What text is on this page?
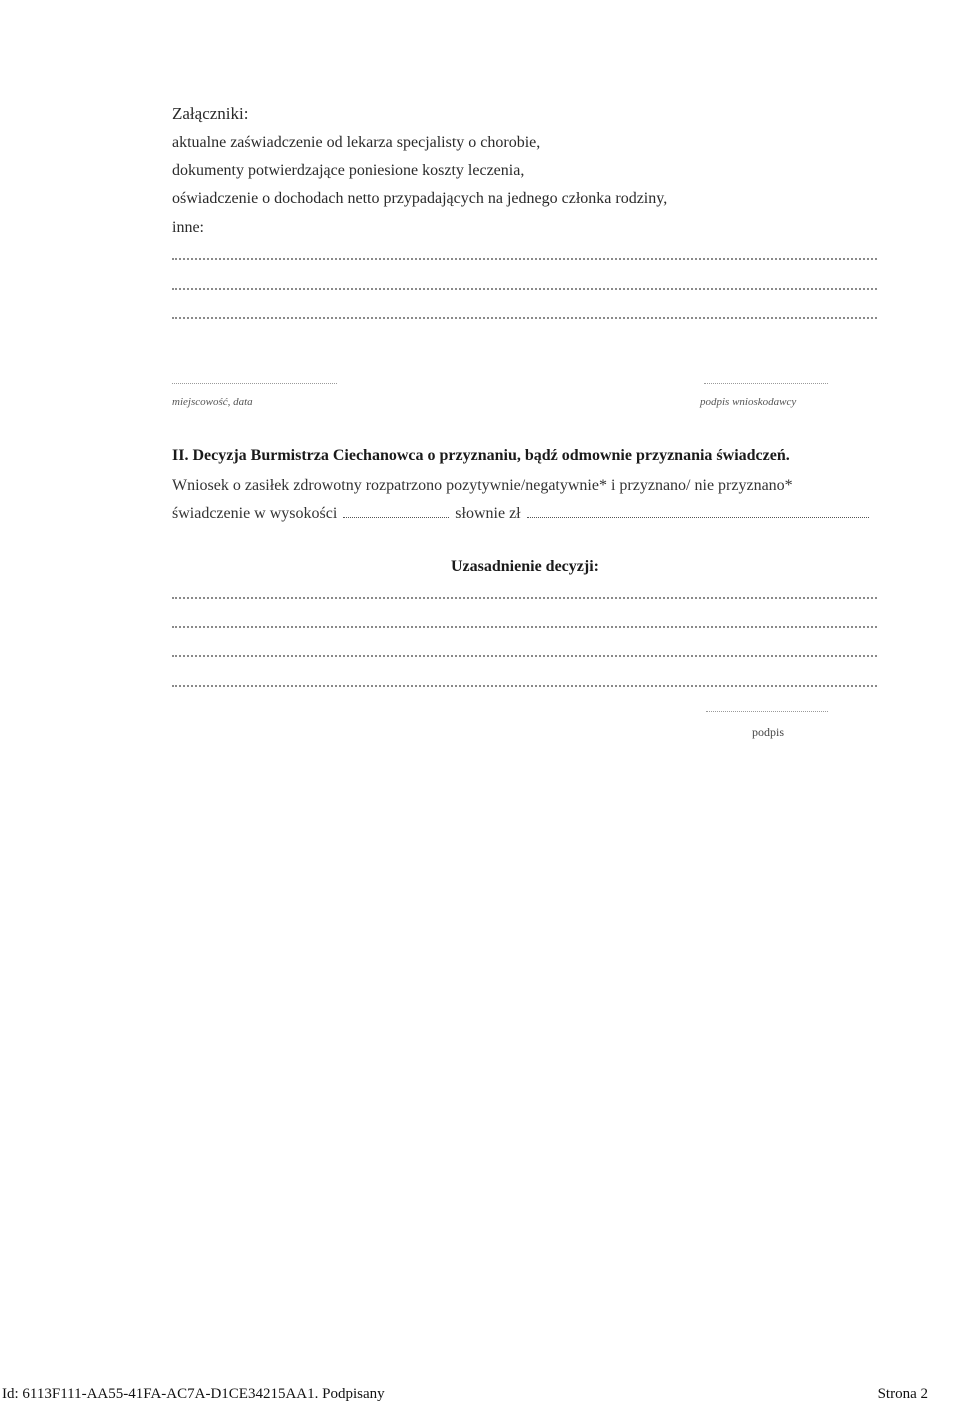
Załączniki:
aktualne zaświadczenie od lekarza specjalisty o chorobie,
dokumenty potwierdzające poniesione koszty leczenia,
oświadczenie o dochodach netto przypadających na jednego członka rodziny,
inne:
miejscowość, data	podpis wnioskodawcy
II. Decyzja Burmistrza Ciechanowca o przyznaniu, bądź odmownie przyznania świadczeń.
Wniosek o zasiłek zdrowotny rozpatrzono pozytywnie/negatywnie* i przyznano/ nie przyznano*
świadczenie w wysokości	słownie zł
Uzasadnienie decyzji:
podpis
Id: 6113F111-AA55-41FA-AC7A-D1CE34215AA1. Podpisany	Strona 2
